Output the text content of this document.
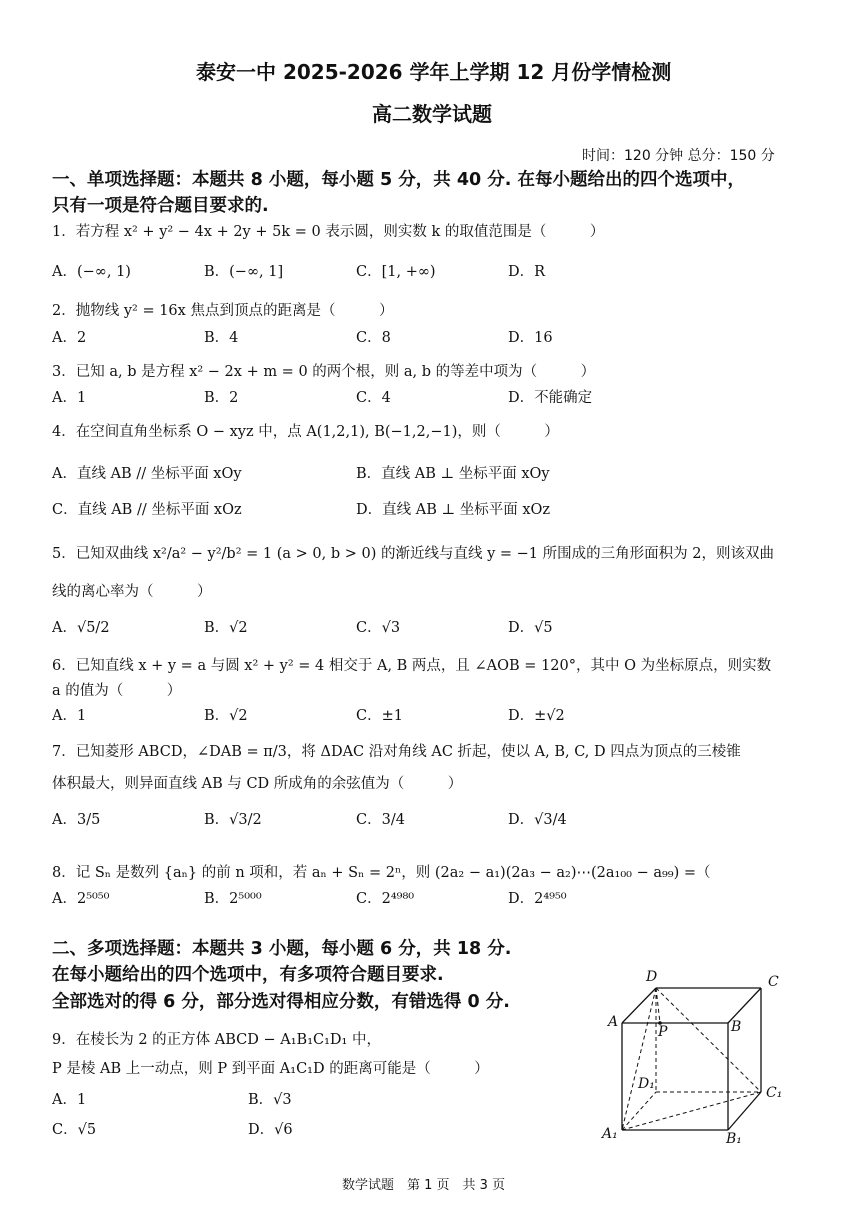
泰安一中 2025-2026 学年上学期 12 月份学情检测
高二数学试题
时间：120 分钟 总分：150 分
一、单项选择题：本题共 8 小题，每小题 5 分，共 40 分. 在每小题给出的四个选项中，
只有一项是符合题目要求的.
1．若方程 x² + y² − 4x + 2y + 5k = 0 表示圆，则实数 k 的取值范围是（　　　）
A．(−∞, 1)	B．(−∞, 1]	C．[1, +∞)	D．R
2．抛物线 y² = 16x 焦点到顶点的距离是（　　　）
A．2	B．4	C．8	D．16
3．已知 a, b 是方程 x² − 2x + m = 0 的两个根，则 a, b 的等差中项为（　　　）
A．1	B．2	C．4	D．不能确定
4．在空间直角坐标系 O − xyz 中，点 A(1,2,1), B(−1,2,−1)，则（　　　）
A．直线 AB // 坐标平面 xOy	B．直线 AB ⊥ 坐标平面 xOy
C．直线 AB // 坐标平面 xOz	D．直线 AB ⊥ 坐标平面 xOz
5．已知双曲线 x²/a² − y²/b² = 1 (a > 0, b > 0) 的渐近线与直线 y = −1 所围成的三角形面积为 2，则该双曲
线的离心率为（　　　）
A．√5/2	B．√2	C．√3	D．√5
6．已知直线 x + y = a 与圆 x² + y² = 4 相交于 A, B 两点，且 ∠AOB = 120°，其中 O 为坐标原点，则实数
a 的值为（　　　）
A．1	B．√2	C．±1	D．±√2
7．已知菱形 ABCD，∠DAB = π/3，将 ΔDAC 沿对角线 AC 折起，使以 A, B, C, D 四点为顶点的三棱锥
体积最大，则异面直线 AB 与 CD 所成角的余弦值为（　　　）
A．3/5	B．√3/2	C．3/4	D．√3/4
8．记 Sₙ 是数列 {aₙ} 的前 n 项和，若 aₙ + Sₙ = 2ⁿ，则 (2a₂ − a₁)(2a₃ − a₂)⋯(2a₁₀₀ − a₉₉) =（
A．2⁵⁰⁵⁰	B．2⁵⁰⁰⁰	C．2⁴⁹⁸⁰	D．2⁴⁹⁵⁰
二、多项选择题：本题共 3 小题，每小题 6 分，共 18 分.
在每小题给出的四个选项中，有多项符合题目要求.
全部选对的得 6 分，部分选对得相应分数，有错选得 0 分.
9．在棱长为 2 的正方体 ABCD − A₁B₁C₁D₁ 中，
P 是棱 AB 上一动点，则 P 到平面 A₁C₁D 的距离可能是（　　　）
A．1	B．√3
C．√5	D．√6
D	C
A	B
P
D₁
C₁
A₁	B₁
数学试题　第 1 页　共 3 页
